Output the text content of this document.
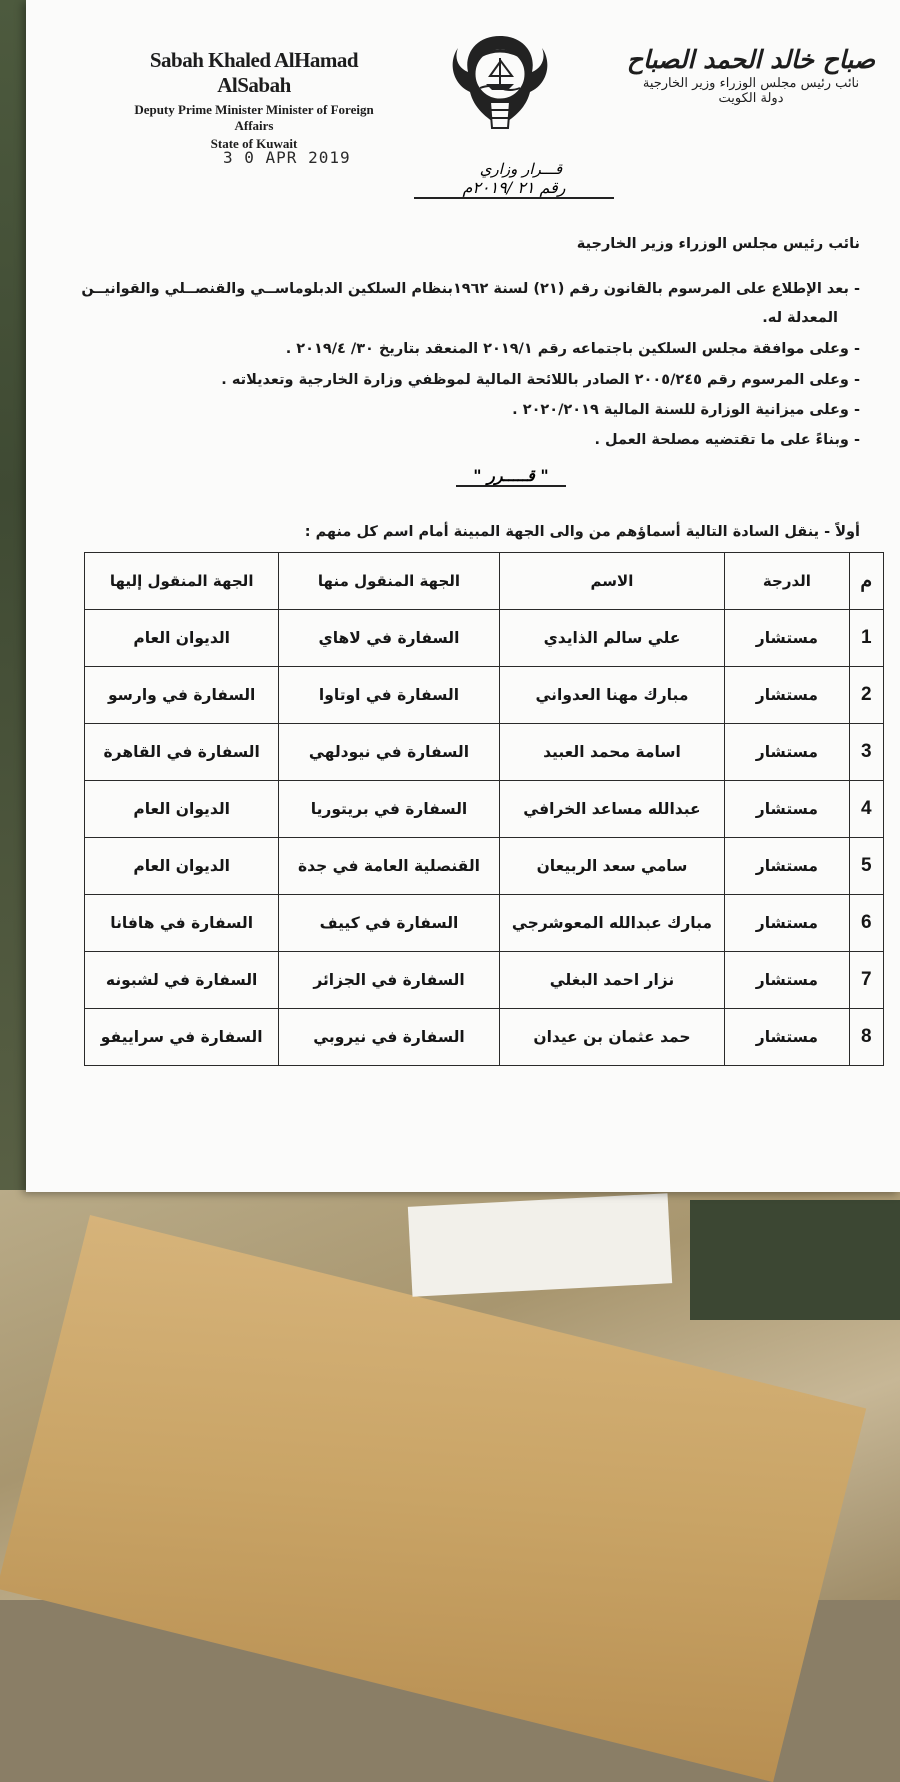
Sabah Khaled AlHamad AlSabah
Deputy Prime Minister Minister of Foreign Affairs
State of Kuwait
صباح خالد الحمد الصباح
نائب رئيس مجلس الوزراء وزير الخارجية
دولة الكويت
3 0 APR 2019
قـــرار وزاري
رقم ٢١ /٢٠١٩م
نائب رئيس مجلس الوزراء وزير الخارجية
- بعد الإطلاع على المرسوم بالقانون رقم (٢١) لسنة ١٩٦٢بنظام السلكين الدبلوماســي والقنصــلي والقوانيــن
المعدلة له.
- وعلى موافقة مجلس السلكين باجتماعه رقم ٢٠١٩/١ المنعقد بتاريخ ٣٠/ ٢٠١٩/٤ .
- وعلى المرسوم رقم ٢٠٠٥/٢٤٥ الصادر باللائحة المالية لموظفي وزارة الخارجية وتعديلاته .
- وعلى ميزانية الوزارة للسنة المالية ٢٠٢٠/٢٠١٩ .
- وبناءً على ما تقتضيه مصلحة العمل .
" قـــــرر "
أولاً - ينقل السادة التالية أسماؤهم من والى الجهة المبينة أمام اسم كل منهم :
م	الدرجة	الاسم	الجهة المنقول منها	الجهة المنقول إليها
1	مستشار	علي سالم الذايدي	السفارة في لاهاي	الديوان العام
2	مستشار	مبارك مهنا العدواني	السفارة في اوتاوا	السفارة في وارسو
3	مستشار	اسامة محمد العبيد	السفارة في نيودلهي	السفارة في القاهرة
4	مستشار	عبدالله مساعد الخرافي	السفارة في بريتوريا	الديوان العام
5	مستشار	سامي سعد الربيعان	القنصلية العامة في جدة	الديوان العام
6	مستشار	مبارك عبدالله المعوشرجي	السفارة في كييف	السفارة في هافانا
7	مستشار	نزار احمد البغلي	السفارة في الجزائر	السفارة في لشبونه
8	مستشار	حمد عثمان بن عيدان	السفارة في نيروبي	السفارة في سراييفو
